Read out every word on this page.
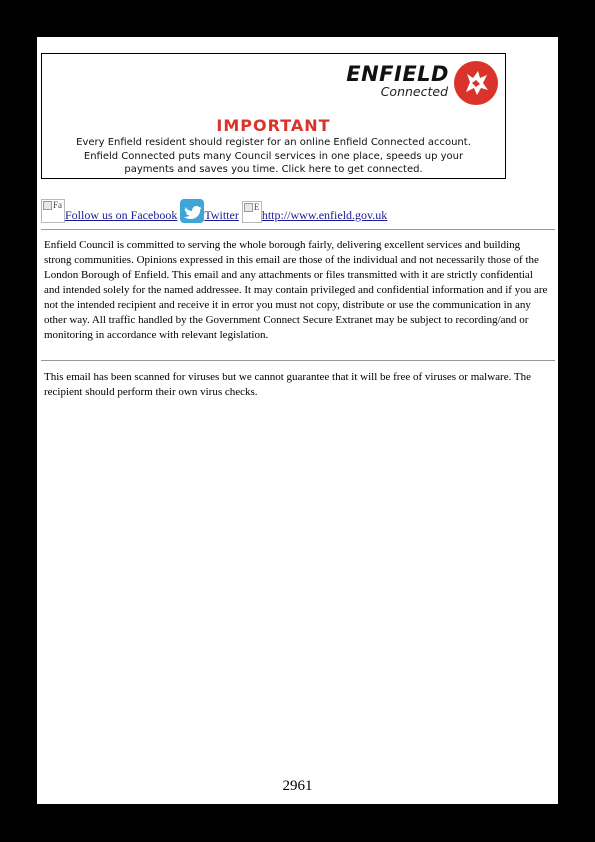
ENFIELD
Connected
IMPORTANT
Every Enfield resident should register for an online Enfield Connected account.
Enfield Connected puts many Council services in one place, speeds up your
payments and saves you time. Click here to get connected.
Fa
Follow us on Facebook Twitter
E
http://www.enfield.gov.uk
Enfield Council is committed to serving the whole borough fairly, delivering excellent services and building strong communities. Opinions expressed in this email are those of the individual and not necessarily those of the London Borough of Enfield. This email and any attachments or files transmitted with it are strictly confidential and intended solely for the named addressee. It may contain privileged and confidential information and if you are not the intended recipient and receive it in error you must not copy, distribute or use the communication in any other way. All traffic handled by the Government Connect Secure Extranet may be subject to recording/and or monitoring in accordance with relevant legislation.
This email has been scanned for viruses but we cannot guarantee that it will be free of viruses or malware. The recipient should perform their own virus checks.
2961
